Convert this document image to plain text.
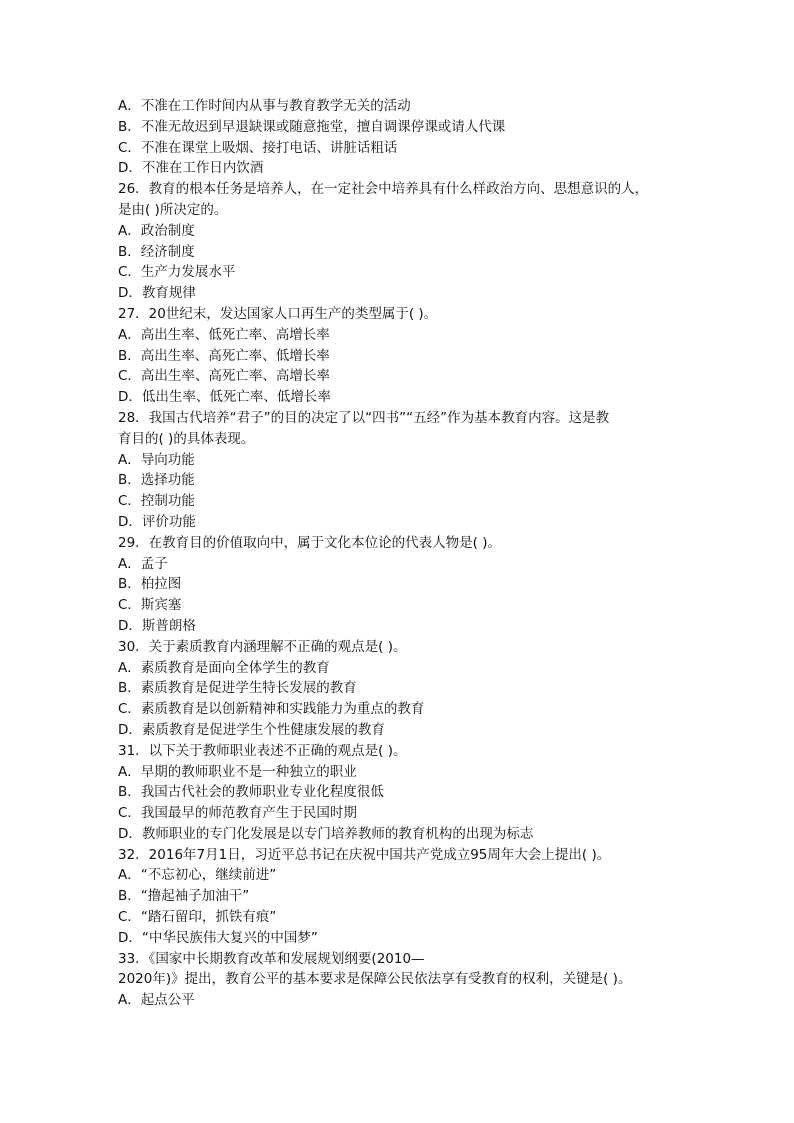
A．不准在工作时间内从事与教育教学无关的活动

B．不准无故迟到早退缺课或随意拖堂，擅自调课停课或请人代课

C．不准在课堂上吸烟、接打电话、讲脏话粗话

D．不准在工作日内饮酒

26．教育的根本任务是培养人，在一定社会中培养具有什么样政治方向、思想意识的人，

是由( )所决定的。

A．政治制度

B．经济制度

C．生产力发展水平

D．教育规律

27．20世纪末，发达国家人口再生产的类型属于( )。

A．高出生率、低死亡率、高增长率

B．高出生率、高死亡率、低增长率

C．高出生率、高死亡率、高增长率

D．低出生率、低死亡率、低增长率

28．我国古代培养“君子”的目的决定了以“四书”“五经”作为基本教育内容。这是教

育目的( )的具体表现。

A．导向功能

B．选择功能

C．控制功能

D．评价功能

29．在教育目的价值取向中，属于文化本位论的代表人物是( )。

A．孟子

B．柏拉图

C．斯宾塞

D．斯普朗格

30．关于素质教育内涵理解不正确的观点是( )。

A．素质教育是面向全体学生的教育

B．素质教育是促进学生特长发展的教育

C．素质教育是以创新精神和实践能力为重点的教育

D．素质教育是促进学生个性健康发展的教育

31．以下关于教师职业表述不正确的观点是( )。

A．早期的教师职业不是一种独立的职业

B．我国古代社会的教师职业专业化程度很低

C．我国最早的师范教育产生于民国时期

D．教师职业的专门化发展是以专门培养教师的教育机构的出现为标志

32．2016年7月1日，习近平总书记在庆祝中国共产党成立95周年大会上提出( )。

A．“不忘初心，继续前进”

B．“撸起袖子加油干”

C．“踏石留印，抓铁有痕”

D．“中华民族伟大复兴的中国梦”

33．《国家中长期教育改革和发展规划纲要(2010—

2020年)》提出，教育公平的基本要求是保障公民依法享有受教育的权利，关键是( )。

A．起点公平
